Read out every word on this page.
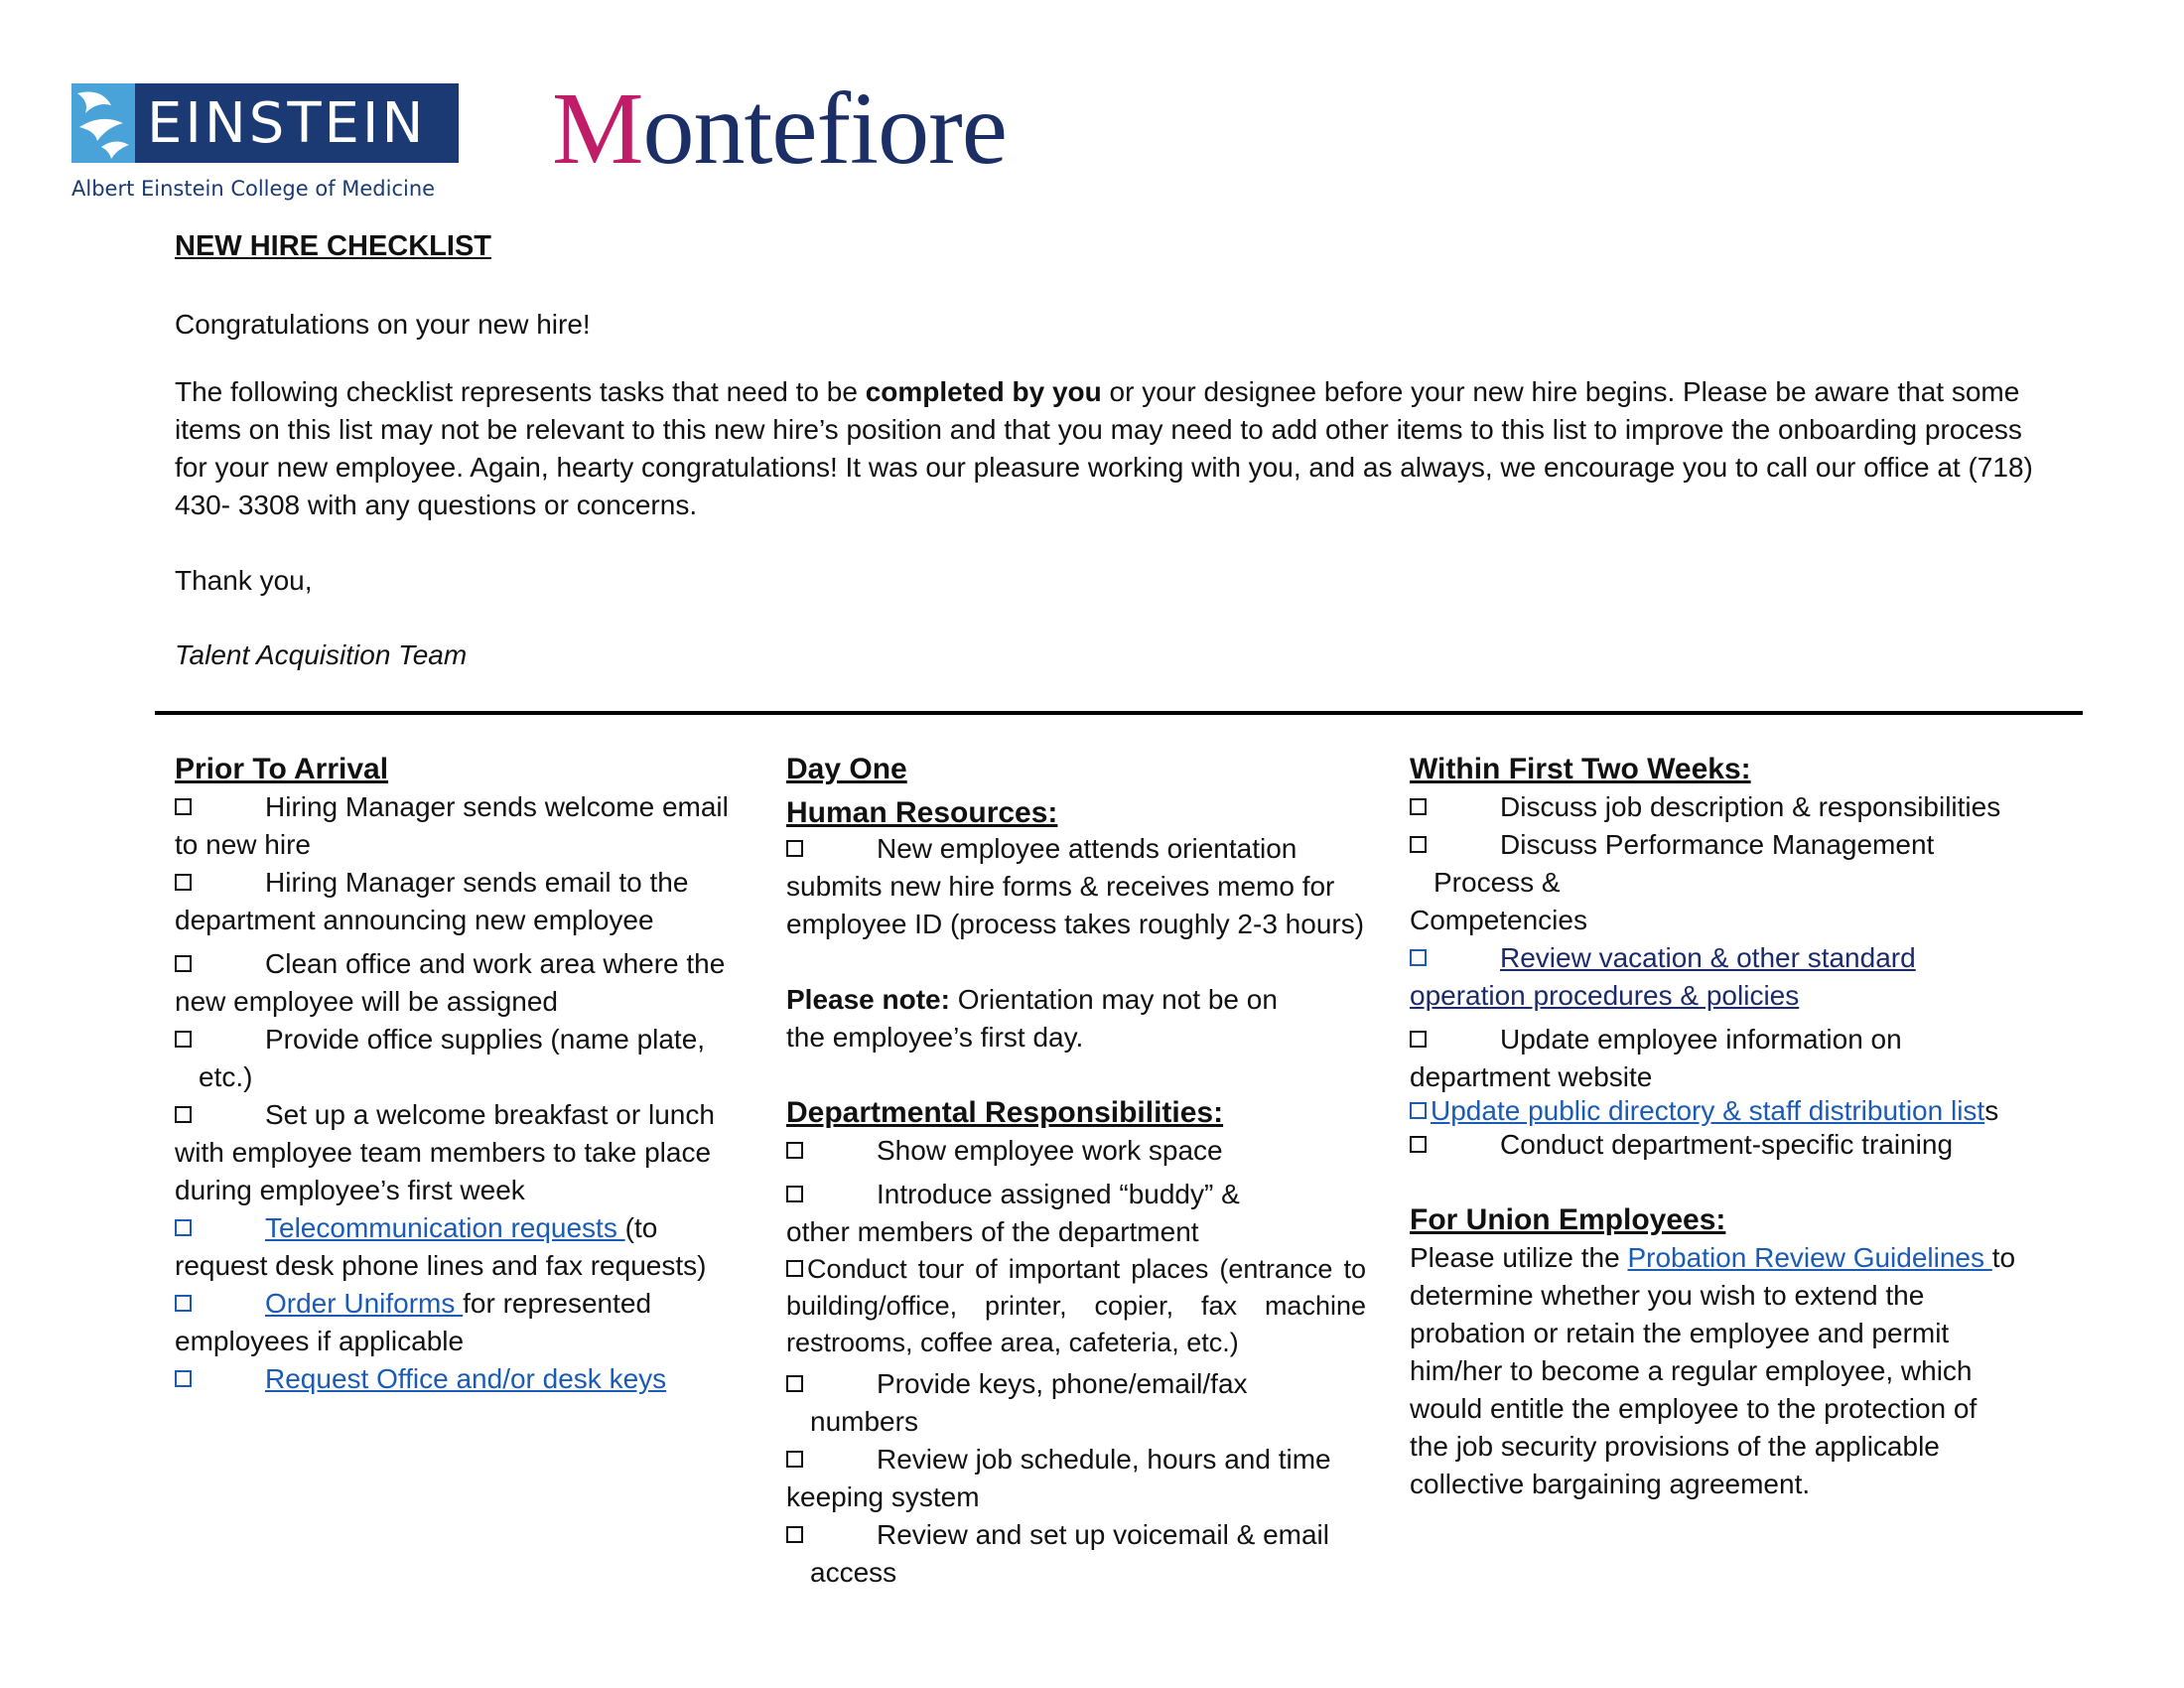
EINSTEIN
Albert Einstein College of Medicine
Montefiore
NEW HIRE CHECKLIST
Congratulations on your new hire!
The following checklist represents tasks that need to be completed by you or your designee before your new hire begins. Please be aware that some items on this list may not be relevant to this new hire’s position and that you may need to add other items to this list to improve the onboarding process for your new employee. Again, hearty congratulations! It was our pleasure working with you, and as always, we encourage you to call our office at (718) 430- 3308 with any questions or concerns.
Thank you,
Talent Acquisition Team
Prior To Arrival
Hiring Manager sends welcome email to new hire
Hiring Manager sends email to the department announcing new employee
Clean office and work area where the new employee will be assigned
Provide office supplies (name plate,
etc.)
Set up a welcome breakfast or lunch with employee team members to take place during employee’s first week
Telecommunication requests (to request desk phone lines and fax requests)
Order Uniforms for represented employees if applicable
Request Office and/or desk keys
Day One
Human Resources:
New employee attends orientation submits new hire forms & receives memo for employee ID (process takes roughly 2-3 hours)
Please note: Orientation may not be on the employee’s first day.
Departmental Responsibilities:
Show employee work space
Introduce assigned “buddy” & other members of the department
Conduct tour of important places (entrance to building/office, printer, copier, fax machine restrooms, coffee area, cafeteria, etc.)
Provide keys, phone/email/fax
numbers
Review job schedule, hours and time keeping system
Review and set up voicemail & email
access
Within First Two Weeks:
Discuss job description & responsibilities
Discuss Performance Management
Process &
Competencies
Review vacation & other standard operation procedures & policies
Update employee information on department website
Update public directory & staff distribution lists
Conduct department-specific training
For Union Employees:
Please utilize the Probation Review Guidelines to determine whether you wish to extend the probation or retain the employee and permit him/her to become a regular employee, which would entitle the employee to the protection of the job security provisions of the applicable collective bargaining agreement.
